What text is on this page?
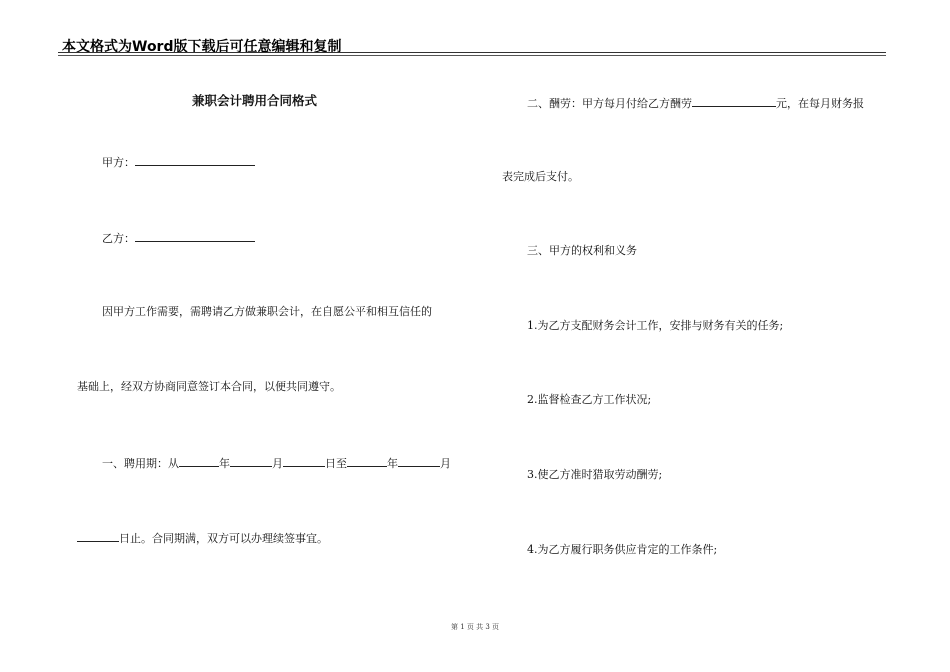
本文格式为Word版下载后可任意编辑和复制
兼职会计聘用合同格式
甲方：
乙方：
因甲方工作需要，需聘请乙方做兼职会计，在自愿公平和相互信任的
基础上，经双方协商同意签订本合同，以便共同遵守。
一、聘用期：从	年	月	日至	年	月
日止。合同期满，双方可以办理续签事宜。
二、酬劳：甲方每月付给乙方酬劳	元，在每月财务报
表完成后支付。
三、甲方的权利和义务
1.为乙方支配财务会计工作，安排与财务有关的任务;
2.监督检查乙方工作状况;
3.使乙方准时猎取劳动酬劳;
4.为乙方履行职务供应肯定的工作条件;
第 1 页 共 3 页
